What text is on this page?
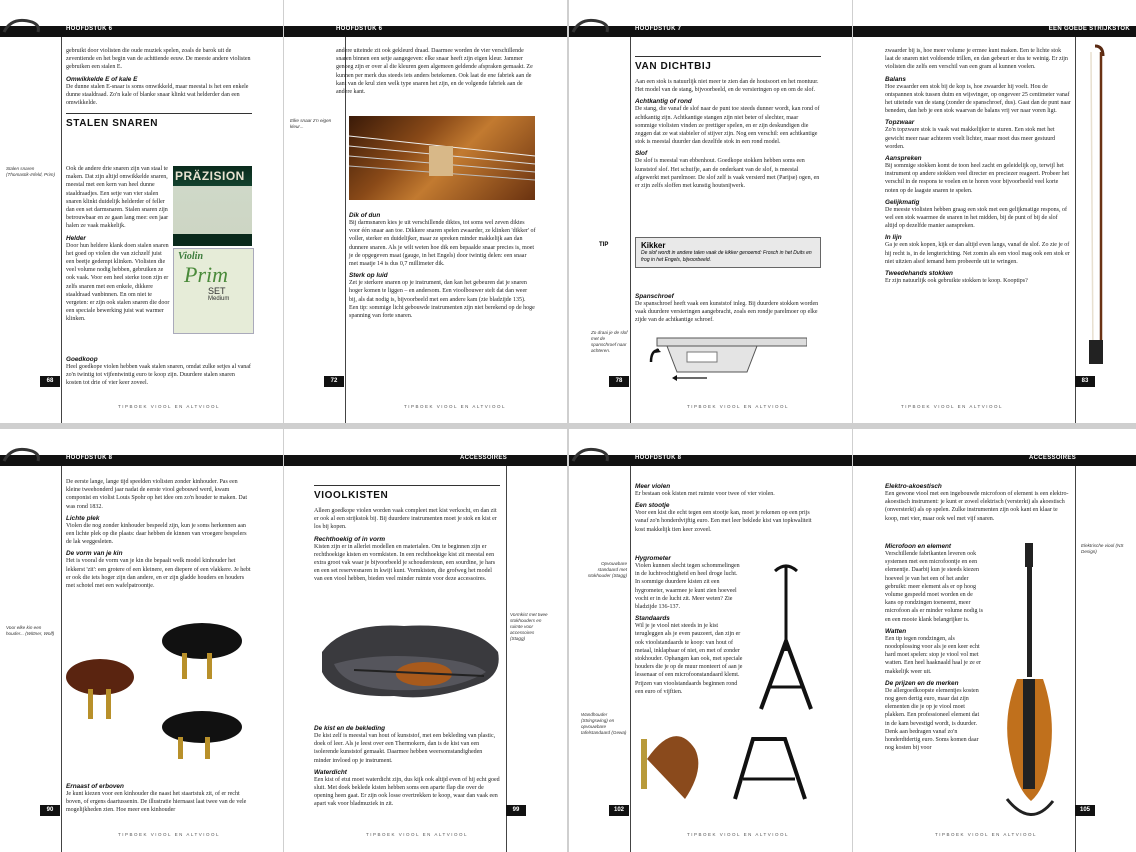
HOOFDSTUK 6

gebruikt door violisten die oude muziek spelen, zoals de barok uit de zeventiende en het begin van de achttiende eeuw. De meeste andere violisten gebruiken een stalen E.

Omwikkelde E of kale E

De dunne stalen E-snaar is soms omwikkeld, maar meestal is het een enkele dunne staaldraad. Zo'n kale of blanke snaar klinkt wat helderder dan een omwikkelde.

STALEN SNAREN
Stalen snaren (Thomastik-Infeld, Prim)

Ook de andere drie snaren zijn van staal te maken. Dat zijn altijd omwikkelde snaren, meestal met een kern van heel dunne staaldraadjes. Een setje van vier stalen snaren klinkt duidelijk helderder of feller dan een set darmsnaren. Stalen snaren zijn betrouwbaar en ze gaan lang mee: een jaar halen ze vaak makkelijk.

Helder

Door hun heldere klank doen stalen snaren het goed op violen die van zichzelf juist een beetje gedempt klinken. Violisten die veel volume nodig hebben, gebruiken ze ook vaak. Voor een heel sterke toon zijn er zelfs snaren met een enkele, dikkere staaldraad vanbinnen. En om niet te vergeten: er zijn ook stalen snaren die door een speciale bewerking juist wat warmer klinken.

Goedkoop

Heel goedkope violen hebben vaak stalen snaren, omdat zulke setjes al vanaf zo'n twintig tot vijfentwintig euro te koop zijn. Duurdere stalen snaren kosten tot drie of vier keer zoveel.

PRÄZISION
Violin
Prim
SET
Medium
68
TIPBOEK VIOOL EN ALTVIOOL
HOOFDSTUK 6

andere uiteinde zit ook gekleurd draad. Daarmee worden de vier verschillende snaren binnen een setje aangegeven: elke snaar heeft zijn eigen kleur. Jammer genoeg zijn er over al die kleuren geen algemeen geldende afspraken gemaakt. Ze kunnen per merk dus steeds iets anders betekenen. Ook laat de ene fabriek aan de kant van de krul zien welk type snaren het zijn, en de volgende fabriek aan de andere kant.

Elke snaar z'n eigen kleur...
Dik of dun

Bij darmsnaren kies je uit verschillende diktes, tot soms wel zeven diktes voor één snaar aan toe. Dikkere snaren spelen zwaarder, ze klinken 'dikker' of voller, sterker en duidelijker, maar ze spreken minder makkelijk aan dan dunnere snaren. Als je wilt weten hoe dik een bepaalde snaar precies is, moet je de opgegeven maat (gauge, in het Engels) door twintig delen: een snaar met maatje 14 is dus 0,7 millimeter dik.

Sterk op luid

Zet je sterkere snaren op je instrument, dan kan het gebeuren dat je snaren hoger komen te liggen – en andersom. Een vioolbouwer stelt dat dan weer bij, als dat nodig is, bijvoorbeeld met een andere kam (zie bladzijde 135). Een tip: sommige licht gebouwde instrumenten zijn niet berekend op de hoge spanning van forte snaren.

72
TIPBOEK VIOOL EN ALTVIOOL
HOOFDSTUK 7
VAN DICHTBIJ

Aan een stok is natuurlijk niet meer te zien dan de houtsoort en het montuur. Het model van de stang, bijvoorbeeld, en de versieringen op en om de slof.

Achtkantig of rond

De stang, die vanaf de slof naar de punt toe steeds dunner wordt, kan rond of achtkantig zijn. Achtkantige stangen zijn niet beter of slechter, maar sommige violisten vinden ze prettiger spelen, en er zijn deskundigen die zeggen dat ze wat stabieler of stijver zijn. Nog een verschil: een achtkantige stok is meestal duurder dan dezelfde stok in een rond model.

Slof

De slof is meestal van ebbenhout. Goedkope stokken hebben soms een kunststof slof. Het schuifje, aan de onderkant van de slof, is meestal afgewerkt met parelmoer. De slof zelf is vaak versierd met (Parijse) ogen, en er zijn zelfs sloffen met kunstig houtsnijwerk.

TIP	Kikker
De slof wordt in andere talen vaak de kikker genoemd: Frosch in het Duits en frog in het Engels, bijvoorbeeld.
Spanschroef

De spanschroef heeft vaak een kunststof inleg. Bij duurdere stokken worden vaak duurdere versieringen aangebracht, zoals een rondje parelmoer op elke zijde van de achtkantige schroef.

Zo draai je de slof met de spanschroef naar achteren.
78
TIPBOEK VIOOL EN ALTVIOOL
EEN GOEDE STRIJKSTOK

zwaarder bij is, hoe meer volume je ermee kunt maken. Een te lichte stok laat de snaren niet voldoende trillen, en dan gebeurt er dus te weinig. Er zijn violisten die zelfs een verschil van een gram al kunnen voelen.

Balans

Hoe zwaarder een stok bij de kop is, hoe zwaarder hij voelt. Hou de ontspannen stok tussen duim en wijsvinger, op ongeveer 25 centimeter vanaf het uiteinde van de stang (zonder de spanschroef, dus). Gaat dan de punt naar beneden, dan heb je een stok waarvan de balans vrij ver naar voren ligt.

Topzwaar

Zo'n topzware stok is vaak wat makkelijker te sturen. Een stok met het gewicht meer naar achteren voelt lichter, maar moet dus meer gestuurd worden.

Aanspreken

Bij sommige stokken komt de toon heel zacht en geleidelijk op, terwijl het instrument op andere stokken veel directer en preciezer reageert. Probeer het verschil in de respons te voelen en te horen voor bijvoorbeeld veel korte noten op de laagste snaren te spelen.

Gelijkmatig

De meeste violisten hebben graag een stok met een gelijkmatige respons, of wel een stok waarmee de snaren in het midden, bij de punt of bij de slof altijd op dezelfde manier aanspreken.

In lijn

Ga je een stok kopen, kijk er dan altijd even langs, vanaf de slof. Zo zie je of hij recht is, in de lengterichting. Net zomin als een viool mag ook een stok er niet uitzien alsof iemand hem probeerde uit te wringen.

Tweedehands stokken

Er zijn natuurlijk ook gebruikte stokken te koop. Kooptips?

83
TIPBOEK VIOOL EN ALTVIOOL
HOOFDSTUK 8

De eerste lange, lange tijd speelden violisten zonder kinhouder. Pas een kleine tweehonderd jaar nadat de eerste viool gebouwd werd, kwam componist en violist Louis Spohr op het idee om zo'n houder te maken. Dat was rond 1832.

Lichte plek

Violen die nog zonder kinhouder bespeeld zijn, kun je soms herkennen aan een lichte plek op die plaats: daar hebben de kinnen van vroegere bespelers de lak weggesleten.

De vorm van je kin

Het is vooral de vorm van je kin die bepaalt welk model kinhouder het lekkerst 'zit': een grotere of een kleinere, een diepere of een vlakkere. Je hebt er ook die iets hoger zijn dan andere, en er zijn gladde houders en houders met schotel met een wafelpatroontje.

Voor elke kin een houder... (Wittner, Wolf)
Ernaast of erboven

Je kunt kiezen voor een kinhouder die naast het staartstuk zit, of er recht boven, of ergens daartussenin. De illustratie hiernaast laat twee van de vele mogelijkheden zien. Hoe meer een kinhouder

90
TIPBOEK VIOOL EN ALTVIOOL
ACCESSOIRES
VIOOLKISTEN

Alleen goedkope violen worden vaak compleet met kist verkocht, en dan zit er ook al een strijkstok bij. Bij duurdere instrumenten moet je stok en kist er los bij kopen.

Rechthoekig of in vorm

Kisten zijn er in allerlei modellen en materialen. Om te beginnen zijn er rechthoekige kisten en vormkisten. In een rechthoekige kist zit meestal een extra groot vak waar je bijvoorbeeld je schoudersteun, een sourdine, je hars en een set reservesnaren in kwijt kunt. Vormkisten, die grofweg het model van een viool hebben, bieden veel minder ruimte voor deze accessoires.

Vormkist met twee stokhouders en ruimte voor accessoires (Stagg)
De kist en de bekleding

De kist zelf is meestal van hout of kunststof, met een bekleding van plastic, doek of leer. Als je leest over een Thermokern, dan is de kist van een isolerende kunststof gemaakt. Daarmee hebben weersomstandigheden minder invloed op je instrument.

Waterdicht

Een kist of etui moet waterdicht zijn, dus kijk ook altijd even of hij echt goed sluit. Met doek beklede kisten hebben soms een aparte flap die over de opening heen gaat. Er zijn ook losse overtrekken te koop, waar dan vaak een apart vak voor bladmuziek in zit.

99
TIPBOEK VIOOL EN ALTVIOOL
HOOFDSTUK 8
Meer violen

Er bestaan ook kisten met ruimte voor twee of vier violen.

Een stootje

Voor een kist die echt tegen een stootje kan, moet je rekenen op een prijs vanaf zo'n honderdvijftig euro. Een met leer beklede kist van topkwaliteit kost makkelijk tien keer zoveel.

Hygrometer

Violen kunnen slecht tegen schommelingen in de luchtvochtigheid en heel droge lucht. In sommige duurdere kisten zit een hygrometer, waarmee je kunt zien hoeveel vocht er in de lucht zit. Meer weten? Zie bladzijde 136-137.

Standaards

Wil je je viool niet steeds in je kist terugleggen als je even pauzeert, dan zijn er ook vioolstandaards te koop: van hout of metaal, inklapbaar of niet, en met of zonder stokhouder. Ophangen kan ook, met speciale houders die je op de muur monteert of aan je lessenaar of een microfoonstandaard klemt. Prijzen van vioolstandaards beginnen rond een euro of vijftien.

Opvouwbare standaard met stokhouder (Stagg)
Wandhouder (Stringswing) en opvouwbare tafelstandaard (Gewa)
102
TIPBOEK VIOOL EN ALTVIOOL
ACCESSOIRES
Elektro-akoestisch

Een gewone viool met een ingebouwde microfoon of element is een elektro-akoestisch instrument: je kunt er zowel elektrisch (versterkt) als akoestisch (onversterkt) als op spelen. Zulke instrumenten zijn ook kant en klaar te koop, met vier, maar ook wel met vijf snaren.

Microfoon en element

Verschillende fabrikanten leveren ook systemen met een microfoontje en een elementje. Daarbij kun je steeds kiezen hoeveel je van het een of het ander gebruikt: meer element als er op hoog volume gespeeld moet worden en de kans op rondzingen toeneemt, meer microfoon als er minder volume nodig is en een mooie klank belangrijker is.

Watten

Een tip tegen rondzingen, als noodoplossing voor als je een keer echt hard moet spelen: stop je viool vol met watten. Een heel haaknaald haal je ze er makkelijk weer uit.

De prijzen en de merken

De allergoedkoopste elementjes kosten nog geen dertig euro, maar dat zijn elementen die je op je viool moet plakken. Een professioneel element dat in de kam bevestigd wordt, is duurder. Denk aan bedragen vanaf zo'n honderdtdertig euro. Soms komen daar nog kosten bij voor

Elektrische viool (NS Design)
105
TIPBOEK VIOOL EN ALTVIOOL
